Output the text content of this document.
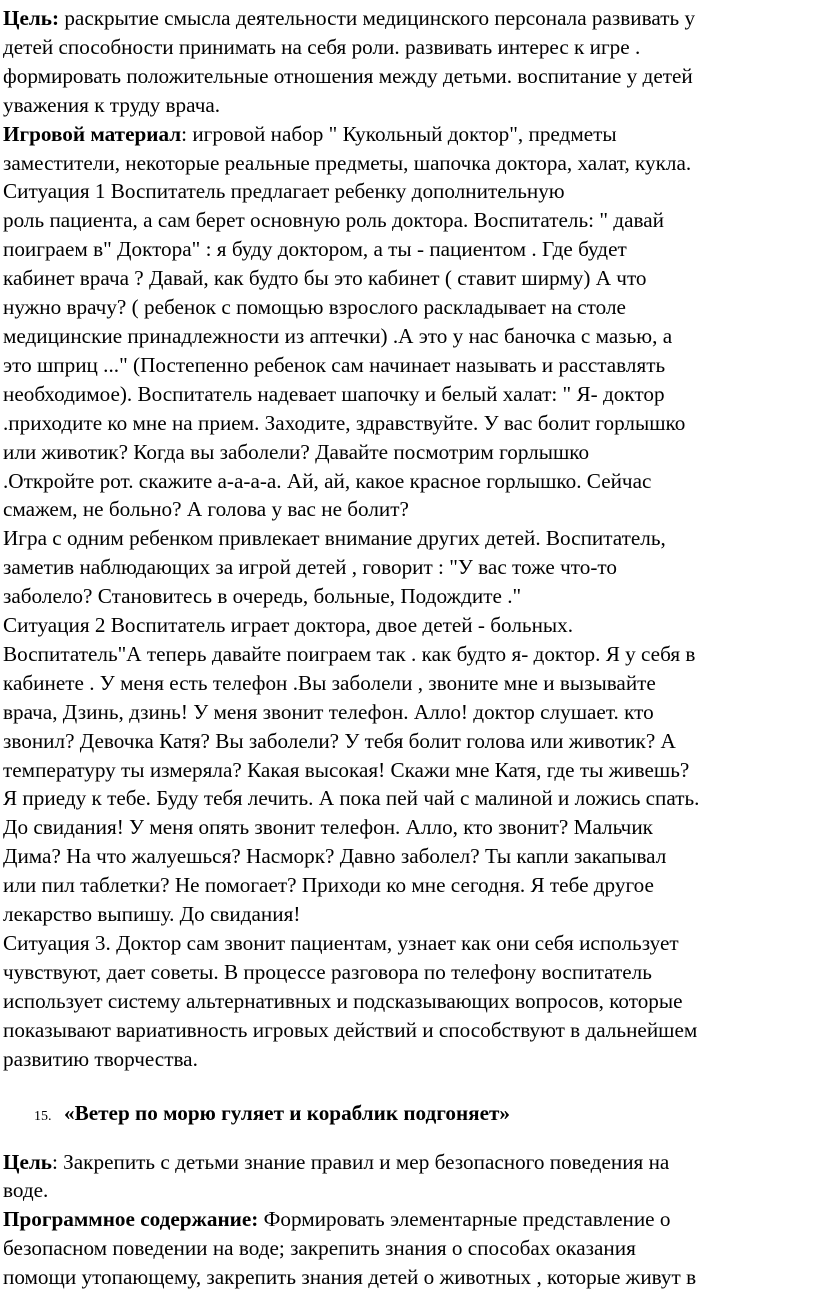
Цель: раскрытие смысла деятельности медицинского персонала развивать у
детей способности принимать на себя роли. развивать интерес к игре .
формировать положительные отношения между детьми. воспитание у детей
уважения к труду врача.
Игровой материал: игровой набор " Кукольный доктор", предметы
заместители, некоторые реальные предметы, шапочка доктора, халат, кукла.
Ситуация 1 Воспитатель предлагает ребенку дополнительную
роль пациента, а сам берет основную роль доктора. Воспитатель: " давай
поиграем в" Доктора" : я буду доктором, а ты - пациентом . Где будет
кабинет врача ? Давай, как будто бы это кабинет ( ставит ширму) А что
нужно врачу? ( ребенок с помощью взрослого раскладывает на столе
медицинские принадлежности из аптечки) .А это у нас баночка с мазью, а
это шприц ..." (Постепенно ребенок сам начинает называть и расставлять
необходимое). Воспитатель надевает шапочку и белый халат: " Я- доктор
.приходите ко мне на прием. Заходите, здравствуйте. У вас болит горлышко
или животик? Когда вы заболели? Давайте посмотрим горлышко
.Откройте рот. скажите а-а-а-а. Ай, ай, какое красное горлышко. Сейчас
смажем, не больно? А голова у вас не болит?
Игра с одним ребенком привлекает внимание других детей. Воспитатель,
заметив наблюдающих за игрой детей , говорит : "У вас тоже что-то
заболело? Становитесь в очередь, больные, Подождите ."
Ситуация 2 Воспитатель играет доктора, двое детей - больных.
Воспитатель"А теперь давайте поиграем так . как будто я- доктор. Я у себя в
кабинете . У меня есть телефон .Вы заболели , звоните мне и вызывайте
врача, Дзинь, дзинь! У меня звонит телефон. Алло! доктор слушает. кто
звонил? Девочка Катя? Вы заболели? У тебя болит голова или животик? А
температуру ты измеряла? Какая высокая! Скажи мне Катя, где ты живешь?
Я приеду к тебе. Буду тебя лечить. А пока пей чай с малиной и ложись спать.
До свидания! У меня опять звонит телефон. Алло, кто звонит? Мальчик
Дима? На что жалуешься? Насморк? Давно заболел? Ты капли закапывал
или пил таблетки? Не помогает? Приходи ко мне сегодня. Я тебе другое
лекарство выпишу. До свидания!
Ситуация 3. Доктор сам звонит пациентам, узнает как они себя использует
чувствуют, дает советы. В процессе разговора по телефону воспитатель
использует систему альтернативных и подсказывающих вопросов, которые
показывают вариативность игровых действий и способствуют в дальнейшем
развитию творчества.
15. «Ветер по морю гуляет и кораблик подгоняет»
Цель: Закрепить с детьми знание правил и мер безопасного поведения на
воде.
Программное содержание: Формировать элементарные представление о
безопасном поведении на воде; закрепить знания о способах оказания
помощи утопающему, закрепить знания детей о животных , которые живут в
